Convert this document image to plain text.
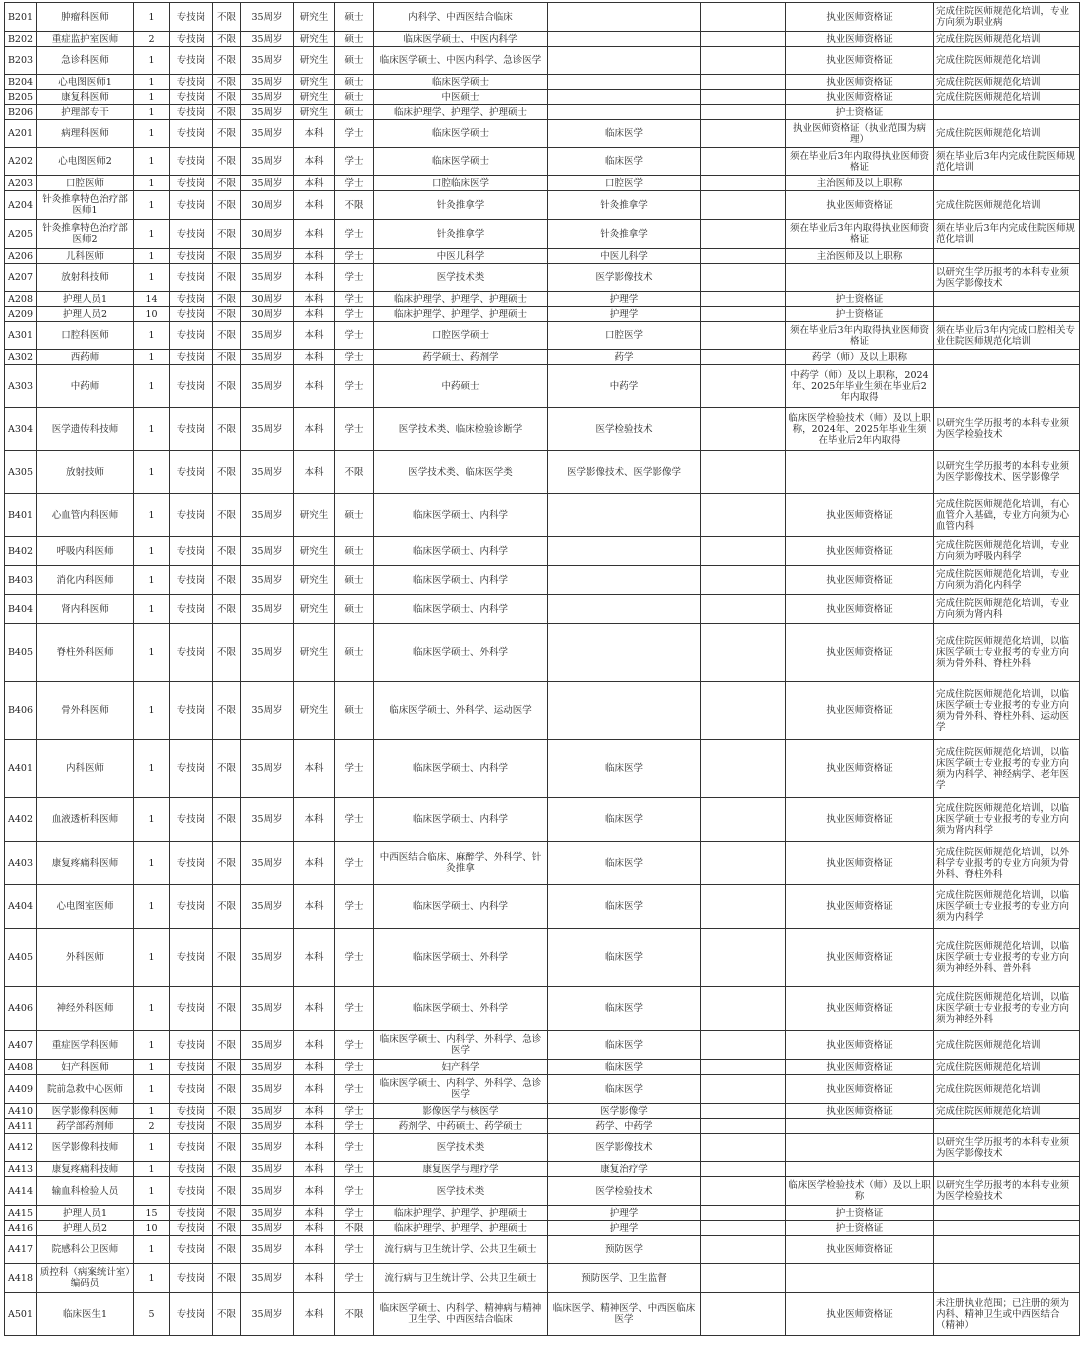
B201	肿瘤科医师	1	专技岗	不限	35周岁	研究生	硕士	内科学、中西医结合临床			执业医师资格证	完成住院医师规范化培训，专业方向须为职业病
B202	重症监护室医师	2	专技岗	不限	35周岁	研究生	硕士	临床医学硕士、中医内科学			执业医师资格证	完成住院医师规范化培训
B203	急诊科医师	1	专技岗	不限	35周岁	研究生	硕士	临床医学硕士、中医内科学、急诊医学			执业医师资格证	完成住院医师规范化培训
B204	心电图医师1	1	专技岗	不限	35周岁	研究生	硕士	临床医学硕士			执业医师资格证	完成住院医师规范化培训
B205	康复科医师	1	专技岗	不限	35周岁	研究生	硕士	中医硕士			执业医师资格证	完成住院医师规范化培训
B206	护理部专干	1	专技岗	不限	35周岁	研究生	硕士	临床护理学、护理学、护理硕士			护士资格证	
A201	病理科医师	1	专技岗	不限	35周岁	本科	学士	临床医学硕士	临床医学		执业医师资格证（执业范围为病理）	完成住院医师规范化培训
A202	心电图医师2	1	专技岗	不限	35周岁	本科	学士	临床医学硕士	临床医学		须在毕业后3年内取得执业医师资格证	须在毕业后3年内完成住院医师规范化培训
A203	口腔医师	1	专技岗	不限	35周岁	本科	学士	口腔临床医学	口腔医学		主治医师及以上职称	
A204	针灸推拿特色治疗部医师1	1	专技岗	不限	30周岁	本科	不限	针灸推拿学	针灸推拿学		执业医师资格证	完成住院医师规范化培训
A205	针灸推拿特色治疗部医师2	1	专技岗	不限	30周岁	本科	学士	针灸推拿学	针灸推拿学		须在毕业后3年内取得执业医师资格证	须在毕业后3年内完成住院医师规范化培训
A206	儿科医师	1	专技岗	不限	35周岁	本科	学士	中医儿科学	中医儿科学		主治医师及以上职称	
A207	放射科技师	1	专技岗	不限	35周岁	本科	学士	医学技术类	医学影像技术			以研究生学历报考的本科专业须为医学影像技术
A208	护理人员1	14	专技岗	不限	30周岁	本科	学士	临床护理学、护理学、护理硕士	护理学		护士资格证	
A209	护理人员2	10	专技岗	不限	30周岁	本科	学士	临床护理学、护理学、护理硕士	护理学		护士资格证	
A301	口腔科医师	1	专技岗	不限	35周岁	本科	学士	口腔医学硕士	口腔医学		须在毕业后3年内取得执业医师资格证	须在毕业后3年内完成口腔相关专业住院医师规范化培训
A302	西药师	1	专技岗	不限	35周岁	本科	学士	药学硕士、药剂学	药学		药学（师）及以上职称	
A303	中药师	1	专技岗	不限	35周岁	本科	学士	中药硕士	中药学		中药学（师）及以上职称，2024年、2025年毕业生须在毕业后2年内取得	
A304	医学遗传科技师	1	专技岗	不限	35周岁	本科	学士	医学技术类、临床检验诊断学	医学检验技术		临床医学检验技术（师）及以上职称，2024年、2025年毕业生须在毕业后2年内取得	以研究生学历报考的本科专业须为医学检验技术
A305	放射技师	1	专技岗	不限	35周岁	本科	不限	医学技术类、临床医学类	医学影像技术、医学影像学			以研究生学历报考的本科专业须为医学影像技术、医学影像学
B401	心血管内科医师	1	专技岗	不限	35周岁	研究生	硕士	临床医学硕士、内科学			执业医师资格证	完成住院医师规范化培训，有心血管介入基础，专业方向须为心血管内科
B402	呼吸内科医师	1	专技岗	不限	35周岁	研究生	硕士	临床医学硕士、内科学			执业医师资格证	完成住院医师规范化培训，专业方向须为呼吸内科学
B403	消化内科医师	1	专技岗	不限	35周岁	研究生	硕士	临床医学硕士、内科学			执业医师资格证	完成住院医师规范化培训，专业方向须为消化内科学
B404	肾内科医师	1	专技岗	不限	35周岁	研究生	硕士	临床医学硕士、内科学			执业医师资格证	完成住院医师规范化培训，专业方向须为肾内科
B405	脊柱外科医师	1	专技岗	不限	35周岁	研究生	硕士	临床医学硕士、外科学			执业医师资格证	完成住院医师规范化培训，以临床医学硕士专业报考的专业方向须为骨外科、脊柱外科
B406	骨外科医师	1	专技岗	不限	35周岁	研究生	硕士	临床医学硕士、外科学、运动医学			执业医师资格证	完成住院医师规范化培训，以临床医学硕士专业报考的专业方向须为骨外科、脊柱外科、运动医学
A401	内科医师	1	专技岗	不限	35周岁	本科	学士	临床医学硕士、内科学	临床医学		执业医师资格证	完成住院医师规范化培训，以临床医学硕士专业报考的专业方向须为内科学、神经病学、老年医学
A402	血液透析科医师	1	专技岗	不限	35周岁	本科	学士	临床医学硕士、内科学	临床医学		执业医师资格证	完成住院医师规范化培训，以临床医学硕士专业报考的专业方向须为肾内科学
A403	康复疼痛科医师	1	专技岗	不限	35周岁	本科	学士	中西医结合临床、麻醉学、外科学、针灸推拿	临床医学		执业医师资格证	完成住院医师规范化培训，以外科学专业报考的专业方向须为骨外科、脊柱外科
A404	心电图室医师	1	专技岗	不限	35周岁	本科	学士	临床医学硕士、内科学	临床医学		执业医师资格证	完成住院医师规范化培训，以临床医学硕士专业报考的专业方向须为内科学
A405	外科医师	1	专技岗	不限	35周岁	本科	学士	临床医学硕士、外科学	临床医学		执业医师资格证	完成住院医师规范化培训，以临床医学硕士专业报考的专业方向须为神经外科、普外科
A406	神经外科医师	1	专技岗	不限	35周岁	本科	学士	临床医学硕士、外科学	临床医学		执业医师资格证	完成住院医师规范化培训，以临床医学硕士专业报考的专业方向须为神经外科
A407	重症医学科医师	1	专技岗	不限	35周岁	本科	学士	临床医学硕士、内科学、外科学、急诊医学	临床医学		执业医师资格证	完成住院医师规范化培训
A408	妇产科医师	1	专技岗	不限	35周岁	本科	学士	妇产科学	临床医学		执业医师资格证	完成住院医师规范化培训
A409	院前急救中心医师	1	专技岗	不限	35周岁	本科	学士	临床医学硕士、内科学、外科学、急诊医学	临床医学		执业医师资格证	完成住院医师规范化培训
A410	医学影像科医师	1	专技岗	不限	35周岁	本科	学士	影像医学与核医学	医学影像学		执业医师资格证	完成住院医师规范化培训
A411	药学部药剂师	2	专技岗	不限	35周岁	本科	学士	药剂学、中药硕士、药学硕士	药学、中药学			
A412	医学影像科技师	1	专技岗	不限	35周岁	本科	学士	医学技术类	医学影像技术			以研究生学历报考的本科专业须为医学影像技术
A413	康复疼痛科技师	1	专技岗	不限	35周岁	本科	学士	康复医学与理疗学	康复治疗学			
A414	输血科检验人员	1	专技岗	不限	35周岁	本科	学士	医学技术类	医学检验技术		临床医学检验技术（师）及以上职称	以研究生学历报考的本科专业须为医学检验技术
A415	护理人员1	15	专技岗	不限	35周岁	本科	学士	临床护理学、护理学、护理硕士	护理学		护士资格证	
A416	护理人员2	10	专技岗	不限	35周岁	本科	不限	临床护理学、护理学、护理硕士	护理学		护士资格证	
A417	院感科公卫医师	1	专技岗	不限	35周岁	本科	学士	流行病与卫生统计学、公共卫生硕士	预防医学		执业医师资格证	
A418	质控科（病案统计室）编码员	1	专技岗	不限	35周岁	本科	学士	流行病与卫生统计学、公共卫生硕士	预防医学、卫生监督			
A501	临床医生1	5	专技岗	不限	35周岁	本科	不限	临床医学硕士、内科学、精神病与精神卫生学、中西医结合临床	临床医学、精神医学、中西医临床医学		执业医师资格证	未注册执业范围；已注册的须为内科、精神卫生或中西医结合（精神）
